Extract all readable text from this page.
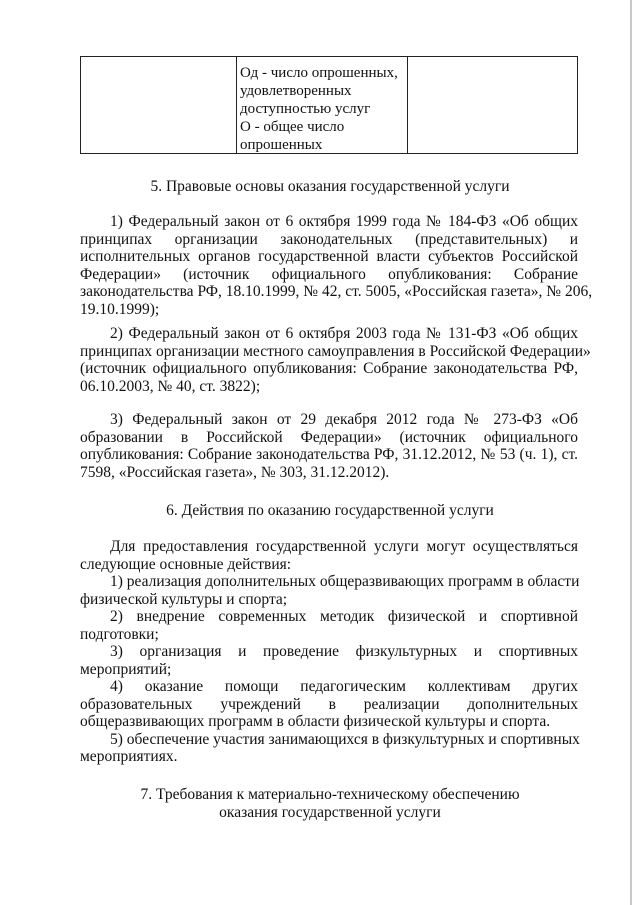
Од - число опрошенных,
удовлетворенных
доступностью услуг
О - общее число
опрошенных
5. Правовые основы оказания государственной услуги
1) Федеральный закон от 6 октября 1999 года № 184-ФЗ «Об общих
принципах организации законодательных (представительных) и
исполнительных органов государственной власти субъектов Российской
Федерации» (источник официального опубликования: Собрание
законодательства РФ, 18.10.1999, № 42, ст. 5005, «Российская газета», № 206,
19.10.1999);
2) Федеральный закон от 6 октября 2003 года № 131-ФЗ «Об общих
принципах организации местного самоуправления в Российской Федерации»
(источник официального опубликования: Собрание законодательства РФ,
06.10.2003, № 40, ст. 3822);
3) Федеральный закон от 29 декабря 2012 года № 273-ФЗ «Об
образовании в Российской Федерации» (источник официального
опубликования: Собрание законодательства РФ, 31.12.2012, № 53 (ч. 1), ст.
7598, «Российская газета», № 303, 31.12.2012).
6. Действия по оказанию государственной услуги
Для предоставления государственной услуги могут осуществляться
следующие основные действия:
1) реализация дополнительных общеразвивающих программ в области
физической культуры и спорта;
2) внедрение современных методик физической и спортивной
подготовки;
3) организация и проведение физкультурных и спортивных
мероприятий;
4) оказание помощи педагогическим коллективам других
образовательных учреждений в реализации дополнительных
общеразвивающих программ в области физической культуры и спорта.
5) обеспечение участия занимающихся в физкультурных и спортивных
мероприятиях.
7. Требования к материально-техническому обеспечению
оказания государственной услуги
